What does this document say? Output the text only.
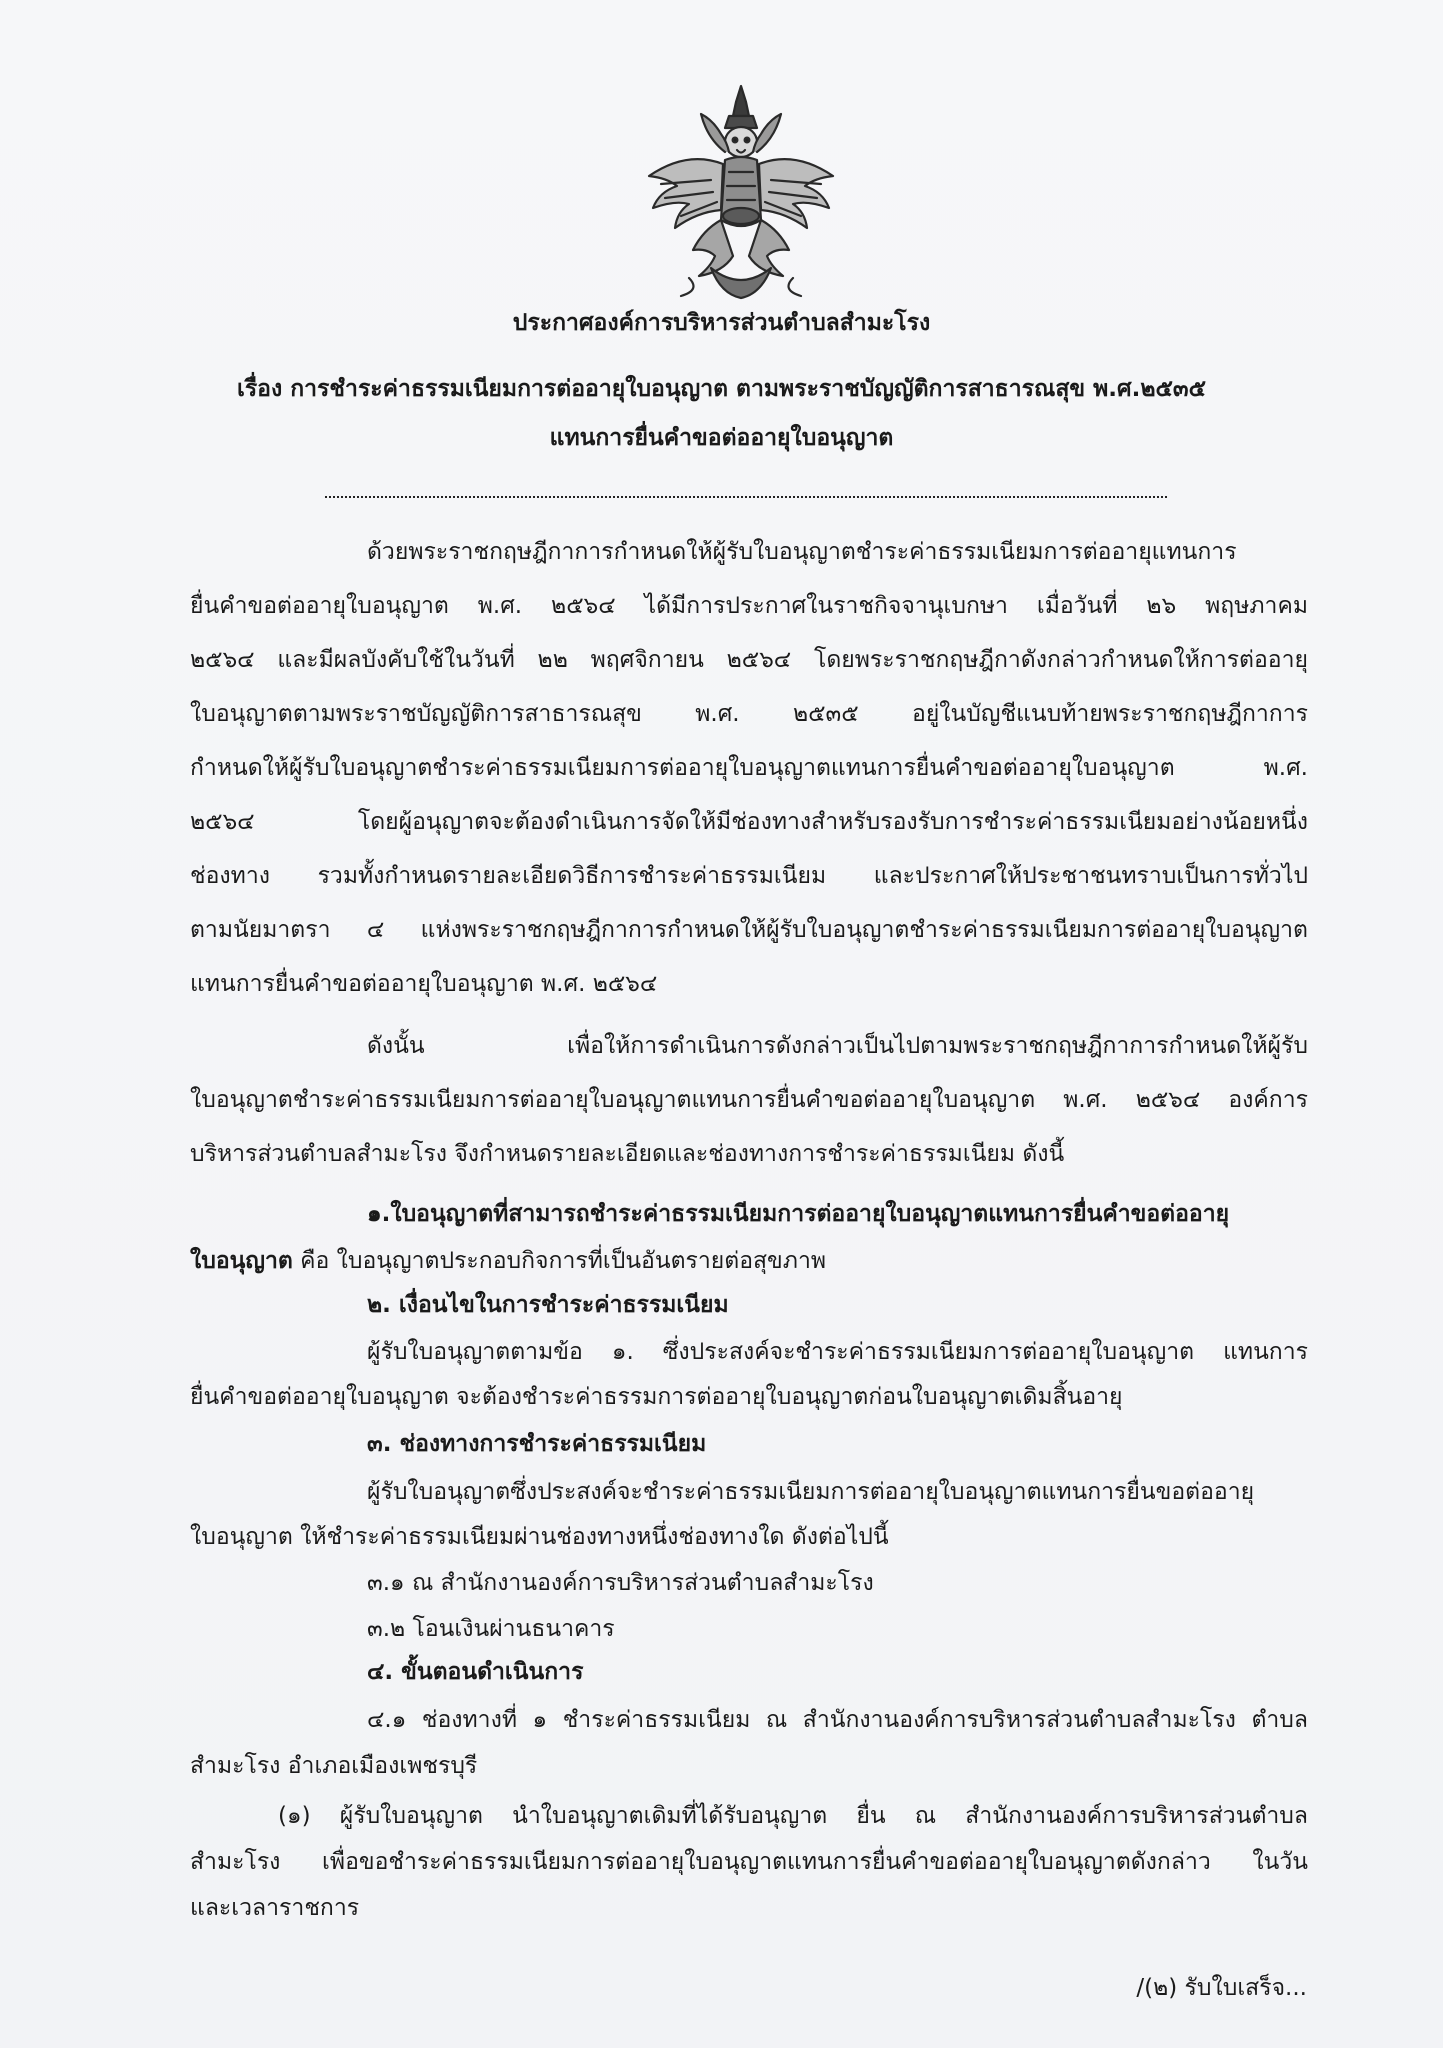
ประกาศองค์การบริหารส่วนตำบลสำมะโรง
เรื่อง การชำระค่าธรรมเนียมการต่ออายุใบอนุญาต ตามพระราชบัญญัติการสาธารณสุข พ.ศ.๒๕๓๕
แทนการยื่นคำขอต่ออายุใบอนุญาต
ด้วยพระราชกฤษฎีกาการกำหนดให้ผู้รับใบอนุญาตชำระค่าธรรมเนียมการต่ออายุแทนการ
ยื่นคำขอต่ออายุใบอนุญาต พ.ศ. ๒๕๖๔ ได้มีการประกาศในราชกิจจานุเบกษา เมื่อวันที่ ๒๖ พฤษภาคม
๒๕๖๔ และมีผลบังคับใช้ในวันที่ ๒๒ พฤศจิกายน ๒๕๖๔ โดยพระราชกฤษฎีกาดังกล่าวกำหนดให้การต่ออายุ
ใบอนุญาตตามพระราชบัญญัติการสาธารณสุข พ.ศ. ๒๕๓๕ อยู่ในบัญชีแนบท้ายพระราชกฤษฎีกาการ
กำหนดให้ผู้รับใบอนุญาตชำระค่าธรรมเนียมการต่ออายุใบอนุญาตแทนการยื่นคำขอต่ออายุใบอนุญาต พ.ศ.
๒๕๖๔ โดยผู้อนุญาตจะต้องดำเนินการจัดให้มีช่องทางสำหรับรองรับการชำระค่าธรรมเนียมอย่างน้อยหนึ่ง
ช่องทาง รวมทั้งกำหนดรายละเอียดวิธีการชำระค่าธรรมเนียม และประกาศให้ประชาชนทราบเป็นการทั่วไป
ตามนัยมาตรา ๔ แห่งพระราชกฤษฎีกาการกำหนดให้ผู้รับใบอนุญาตชำระค่าธรรมเนียมการต่ออายุใบอนุญาต
แทนการยื่นคำขอต่ออายุใบอนุญาต พ.ศ. ๒๕๖๔
ดังนั้น เพื่อให้การดำเนินการดังกล่าวเป็นไปตามพระราชกฤษฎีกาการกำหนดให้ผู้รับ
ใบอนุญาตชำระค่าธรรมเนียมการต่ออายุใบอนุญาตแทนการยื่นคำขอต่ออายุใบอนุญาต พ.ศ. ๒๕๖๔ องค์การ
บริหารส่วนตำบลสำมะโรง จึงกำหนดรายละเอียดและช่องทางการชำระค่าธรรมเนียม ดังนี้
๑.ใบอนุญาตที่สามารถชำระค่าธรรมเนียมการต่ออายุใบอนุญาตแทนการยื่นคำขอต่ออายุ
ใบอนุญาต คือ ใบอนุญาตประกอบกิจการที่เป็นอันตรายต่อสุขภาพ
๒. เงื่อนไขในการชำระค่าธรรมเนียม
ผู้รับใบอนุญาตตามข้อ ๑. ซึ่งประสงค์จะชำระค่าธรรมเนียมการต่ออายุใบอนุญาต แทนการ
ยื่นคำขอต่ออายุใบอนุญาต จะต้องชำระค่าธรรมการต่ออายุใบอนุญาตก่อนใบอนุญาตเดิมสิ้นอายุ
๓. ช่องทางการชำระค่าธรรมเนียม
ผู้รับใบอนุญาตซึ่งประสงค์จะชำระค่าธรรมเนียมการต่ออายุใบอนุญาตแทนการยื่นขอต่ออายุ
ใบอนุญาต ให้ชำระค่าธรรมเนียมผ่านช่องทางหนึ่งช่องทางใด ดังต่อไปนี้
๓.๑ ณ สำนักงานองค์การบริหารส่วนตำบลสำมะโรง
๓.๒ โอนเงินผ่านธนาคาร
๔. ขั้นตอนดำเนินการ
๔.๑ ช่องทางที่ ๑ ชำระค่าธรรมเนียม ณ สำนักงานองค์การบริหารส่วนตำบลสำมะโรง ตำบล
สำมะโรง อำเภอเมืองเพชรบุรี
(๑) ผู้รับใบอนุญาต นำใบอนุญาตเดิมที่ได้รับอนุญาต ยื่น ณ สำนักงานองค์การบริหารส่วนตำบล
สำมะโรง เพื่อขอชำระค่าธรรมเนียมการต่ออายุใบอนุญาตแทนการยื่นคำขอต่ออายุใบอนุญาตดังกล่าว ในวัน
และเวลาราชการ
/(๒) รับใบเสร็จ...
